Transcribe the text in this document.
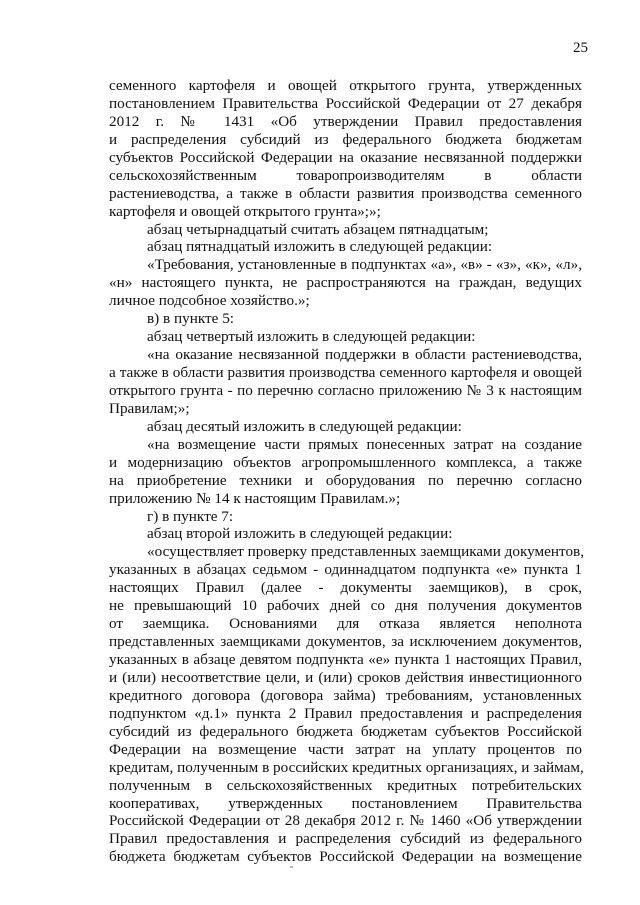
25
семенного картофеля и овощей открытого грунта, утвержденных
постановлением Правительства Российской Федерации от 27 декабря
2012 г. № 1431 «Об утверждении Правил предоставления
и распределения субсидий из федерального бюджета бюджетам
субъектов Российской Федерации на оказание несвязанной поддержки
сельскохозяйственным товаропроизводителям в области
растениеводства, а также в области развития производства семенного
картофеля и овощей открытого грунта»;»;
абзац четырнадцатый считать абзацем пятнадцатым;
абзац пятнадцатый изложить в следующей редакции:
«Требования, установленные в подпунктах «а», «в» - «з», «к», «л»,
«н» настоящего пункта, не распространяются на граждан, ведущих
личное подсобное хозяйство.»;
в) в пункте 5:
абзац четвертый изложить в следующей редакции:
«на оказание несвязанной поддержки в области растениеводства,
а также в области развития производства семенного картофеля и овощей
открытого грунта - по перечню согласно приложению № 3 к настоящим
Правилам;»;
абзац десятый изложить в следующей редакции:
«на возмещение части прямых понесенных затрат на создание
и модернизацию объектов агропромышленного комплекса, а также
на приобретение техники и оборудования по перечню согласно
приложению № 14 к настоящим Правилам.»;
г) в пункте 7:
абзац второй изложить в следующей редакции:
«осуществляет проверку представленных заемщиками документов,
указанных в абзацах седьмом - одиннадцатом подпункта «е» пункта 1
настоящих Правил (далее - документы заемщиков), в срок,
не превышающий 10 рабочих дней со дня получения документов
от заемщика. Основаниями для отказа является неполнота
представленных заемщиками документов, за исключением документов,
указанных в абзаце девятом подпункта «е» пункта 1 настоящих Правил,
и (или) несоответствие цели, и (или) сроков действия инвестиционного
кредитного договора (договора займа) требованиям, установленных
подпунктом «д.1» пункта 2 Правил предоставления и распределения
субсидий из федерального бюджета бюджетам субъектов Российской
Федерации на возмещение части затрат на уплату процентов по
кредитам, полученным в российских кредитных организациях, и займам,
полученным в сельскохозяйственных кредитных потребительских
кооперативах, утвержденных постановлением Правительства
Российской Федерации от 28 декабря 2012 г. № 1460 «Об утверждении
Правил предоставления и распределения субсидий из федерального
бюджета бюджетам субъектов Российской Федерации на возмещение
